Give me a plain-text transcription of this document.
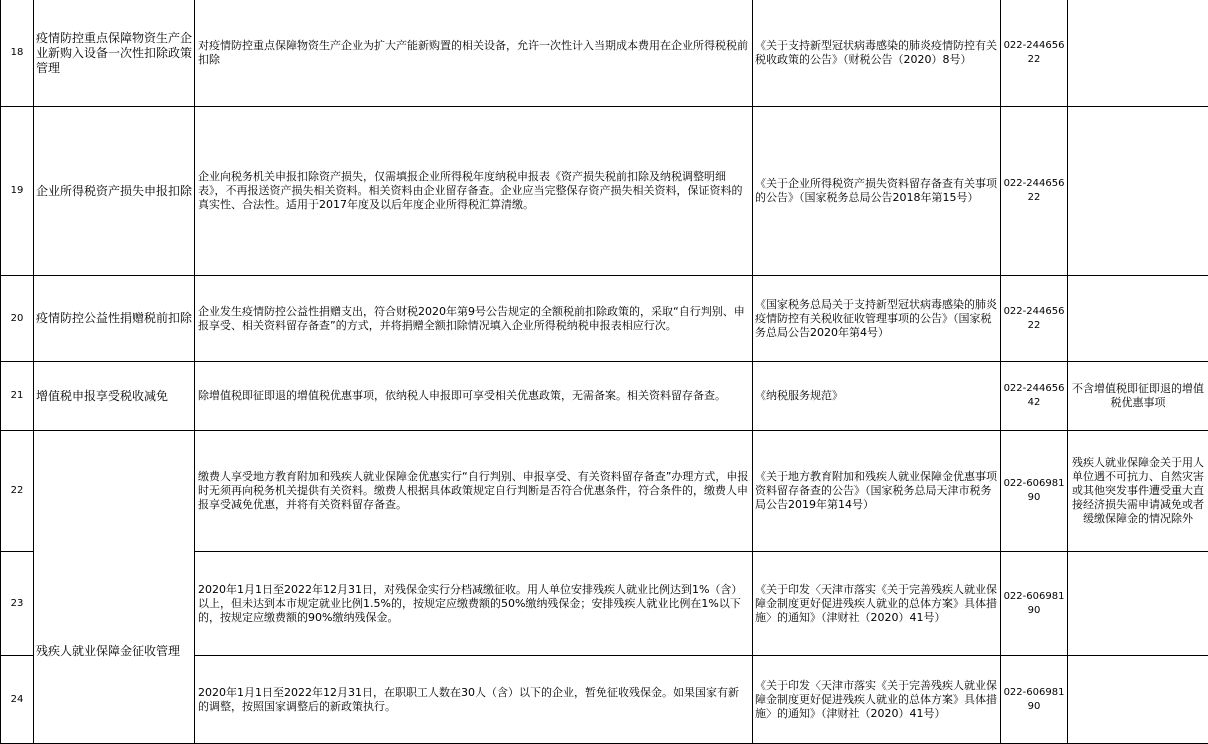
18	疫情防控重点保障物资生产企业新购入设备一次性扣除政策管理	对疫情防控重点保障物资生产企业为扩大产能新购置的相关设备，允许一次性计入当期成本费用在企业所得税税前扣除	《关于支持新型冠状病毒感染的肺炎疫情防控有关税收政策的公告》（财税公告（2020）8号）	022-24465622	
19	企业所得税资产损失申报扣除	企业向税务机关申报扣除资产损失，仅需填报企业所得税年度纳税申报表《资产损失税前扣除及纳税调整明细表》，不再报送资产损失相关资料。相关资料由企业留存备查。企业应当完整保存资产损失相关资料，保证资料的真实性、合法性。适用于2017年度及以后年度企业所得税汇算清缴。	《关于企业所得税资产损失资料留存备查有关事项的公告》（国家税务总局公告2018年第15号）	022-24465622	
20	疫情防控公益性捐赠税前扣除	企业发生疫情防控公益性捐赠支出，符合财税2020年第9号公告规定的全额税前扣除政策的，采取“自行判别、申报享受、相关资料留存备查”的方式，并将捐赠全额扣除情况填入企业所得税纳税申报表相应行次。	《国家税务总局关于支持新型冠状病毒感染的肺炎疫情防控有关税收征收管理事项的公告》（国家税务总局公告2020年第4号）	022-24465622	
21	增值税申报享受税收减免	除增值税即征即退的增值税优惠事项，依纳税人申报即可享受相关优惠政策，无需备案。相关资料留存备查。	《纳税服务规范》	022-24465642	不含增值税即征即退的增值税优惠事项
22	残疾人就业保障金征收管理	缴费人享受地方教育附加和残疾人就业保障金优惠实行“自行判别、申报享受、有关资料留存备查”办理方式，申报时无须再向税务机关提供有关资料。缴费人根据具体政策规定自行判断是否符合优惠条件，符合条件的，缴费人申报享受减免优惠，并将有关资料留存备查。	《关于地方教育附加和残疾人就业保障金优惠事项资料留存备查的公告》（国家税务总局天津市税务局公告2019年第14号）	022-60698190	残疾人就业保障金关于用人单位遇不可抗力、自然灾害或其他突发事件遭受重大直接经济损失需申请减免或者缓缴保障金的情况除外
23		2020年1月1日至2022年12月31日，对残保金实行分档减缴征收。用人单位安排残疾人就业比例达到1%（含）以上，但未达到本市规定就业比例1.5%的，按规定应缴费额的50%缴纳残保金；安排残疾人就业比例在1%以下的，按规定应缴费额的90%缴纳残保金。	《关于印发〈天津市落实《关于完善残疾人就业保障金制度更好促进残疾人就业的总体方案》具体措施〉的通知》（津财社（2020）41号）	022-60698190	
24		2020年1月1日至2022年12月31日，在职职工人数在30人（含）以下的企业，暂免征收残保金。如果国家有新的调整，按照国家调整后的新政策执行。	《关于印发〈天津市落实《关于完善残疾人就业保障金制度更好促进残疾人就业的总体方案》具体措施〉的通知》（津财社（2020）41号）	022-60698190	
